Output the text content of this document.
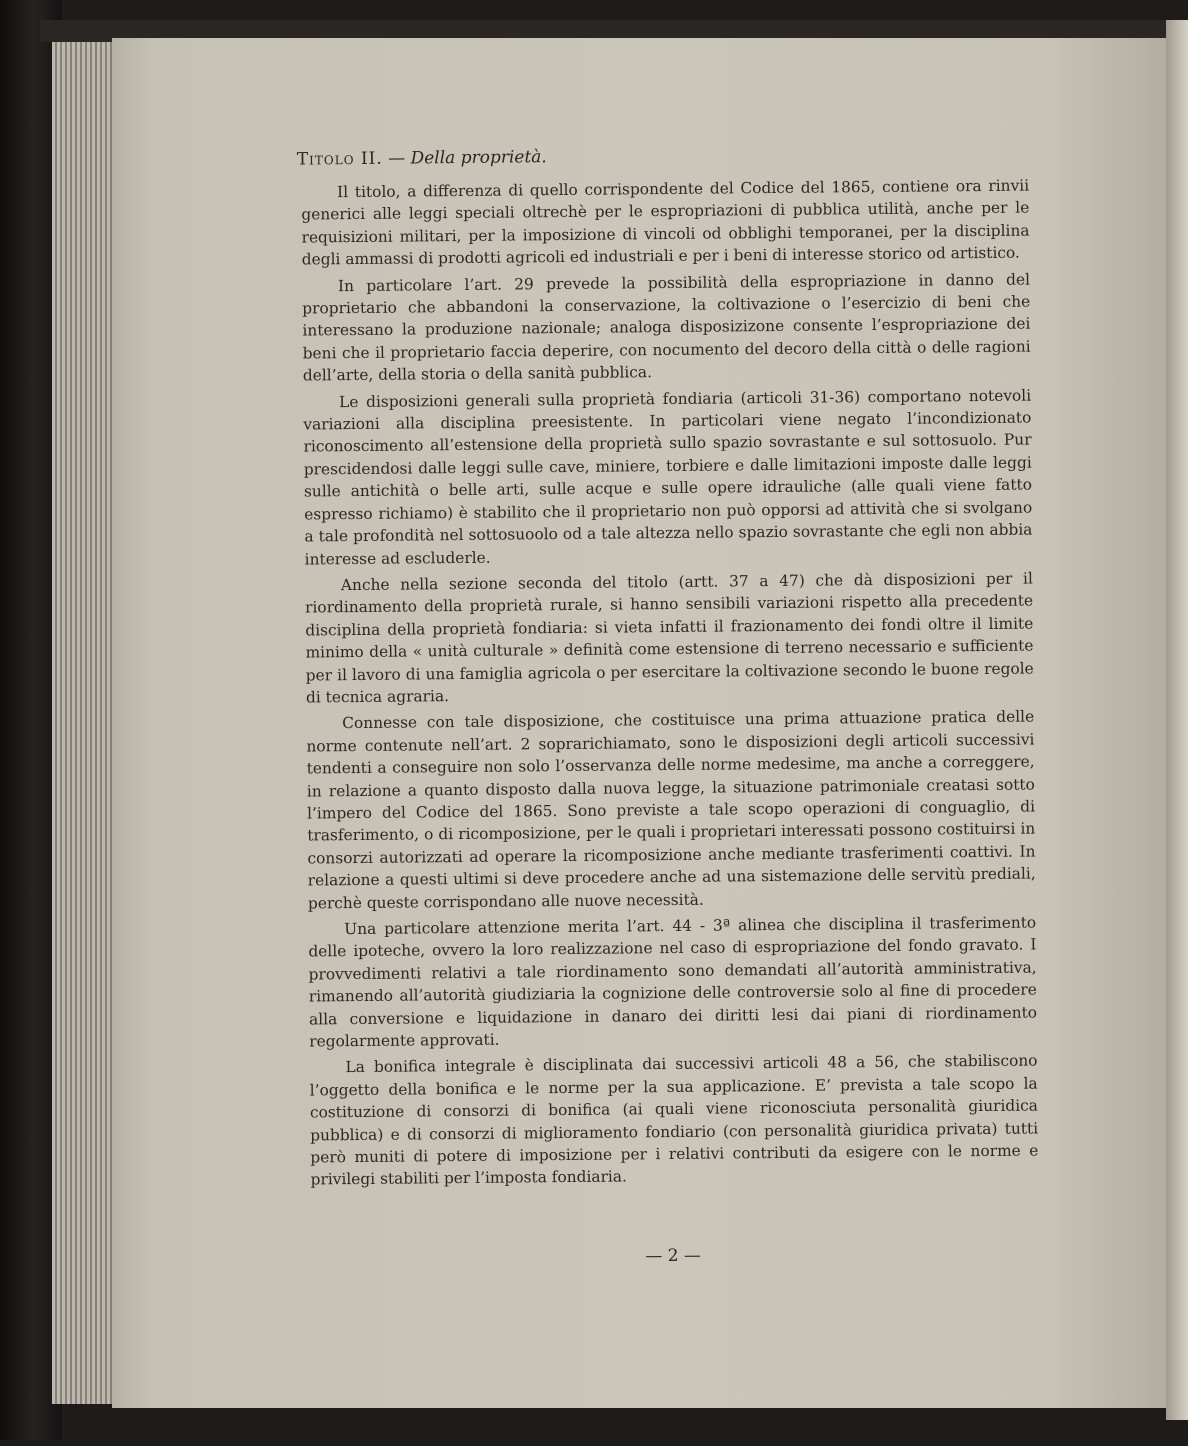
Titolo II. — Della proprietà.

Il titolo, a differenza di quello corrispondente del Codice del 1865, contiene ora rinvii generici alle leggi speciali oltrechè per le espropriazioni di pubblica utilità, anche per le requisizioni militari, per la imposizione di vincoli od obblighi temporanei, per la disciplina degli ammassi di prodotti agricoli ed industriali e per i beni di interesse storico od artistico.

In particolare l’art. 29 prevede la possibilità della espropriazione in danno del proprietario che abbandoni la conservazione, la coltivazione o l’esercizio di beni che interessano la produzione nazionale; analoga disposizizone consente l’espropriazione dei beni che il proprietario faccia deperire, con nocumento del decoro della città o delle ragioni dell’arte, della storia o della sanità pubblica.

Le disposizioni generali sulla proprietà fondiaria (articoli 31-36) comportano notevoli variazioni alla disciplina preesistente. In particolari viene negato l’incondizionato riconoscimento all’estensione della proprietà sullo spazio sovrastante e sul sottosuolo. Pur prescidendosi dalle leggi sulle cave, miniere, torbiere e dalle limitazioni imposte dalle leggi sulle antichità o belle arti, sulle acque e sulle opere idrauliche (alle quali viene fatto espresso richiamo) è stabilito che il proprietario non può opporsi ad attività che si svolgano a tale profondità nel sottosuoolo od a tale altezza nello spazio sovrastante che egli non abbia interesse ad escluderle.

Anche nella sezione seconda del titolo (artt. 37 a 47) che dà disposizioni per il riordinamento della proprietà rurale, si hanno sensibili variazioni rispetto alla precedente disciplina della proprietà fondiaria: si vieta infatti il frazionamento dei fondi oltre il limite minimo della « unità culturale » definità come estensione di terreno necessario e sufficiente per il lavoro di una famiglia agricola o per esercitare la coltivazione secondo le buone regole di tecnica agraria.

Connesse con tale disposizione, che costituisce una prima attuazione pratica delle norme contenute nell’art. 2 soprarichiamato, sono le disposizioni degli articoli successivi tendenti a conseguire non solo l’osservanza delle norme medesime, ma anche a correggere, in relazione a quanto disposto dalla nuova legge, la situazione patrimoniale creatasi sotto l’impero del Codice del 1865. Sono previste a tale scopo operazioni di conguaglio, di trasferimento, o di ricomposizione, per le quali i proprietari interessati possono costituirsi in consorzi autorizzati ad operare la ricomposizione anche mediante trasferimenti coattivi. In relazione a questi ultimi si deve procedere anche ad una sistemazione delle servitù prediali, perchè queste corrispondano alle nuove necessità.

Una particolare attenzione merita l’art. 44 - 3ª alinea che disciplina il trasferimento delle ipoteche, ovvero la loro realizzazione nel caso di espropriazione del fondo gravato. I provvedimenti relativi a tale riordinamento sono demandati all’autorità amministrativa, rimanendo all’autorità giudiziaria la cognizione delle controversie solo al fine di procedere alla conversione e liquidazione in danaro dei diritti lesi dai piani di riordinamento regolarmente approvati.

La bonifica integrale è disciplinata dai successivi articoli 48 a 56, che stabiliscono l’oggetto della bonifica e le norme per la sua applicazione. E’ prevista a tale scopo la costituzione di consorzi di bonifica (ai quali viene riconosciuta personalità giuridica pubblica) e di consorzi di miglioramento fondiario (con personalità giuridica privata) tutti però muniti di potere di imposizione per i relativi contributi da esigere con le norme e privilegi stabiliti per l’imposta fondiaria.

— 2 —
